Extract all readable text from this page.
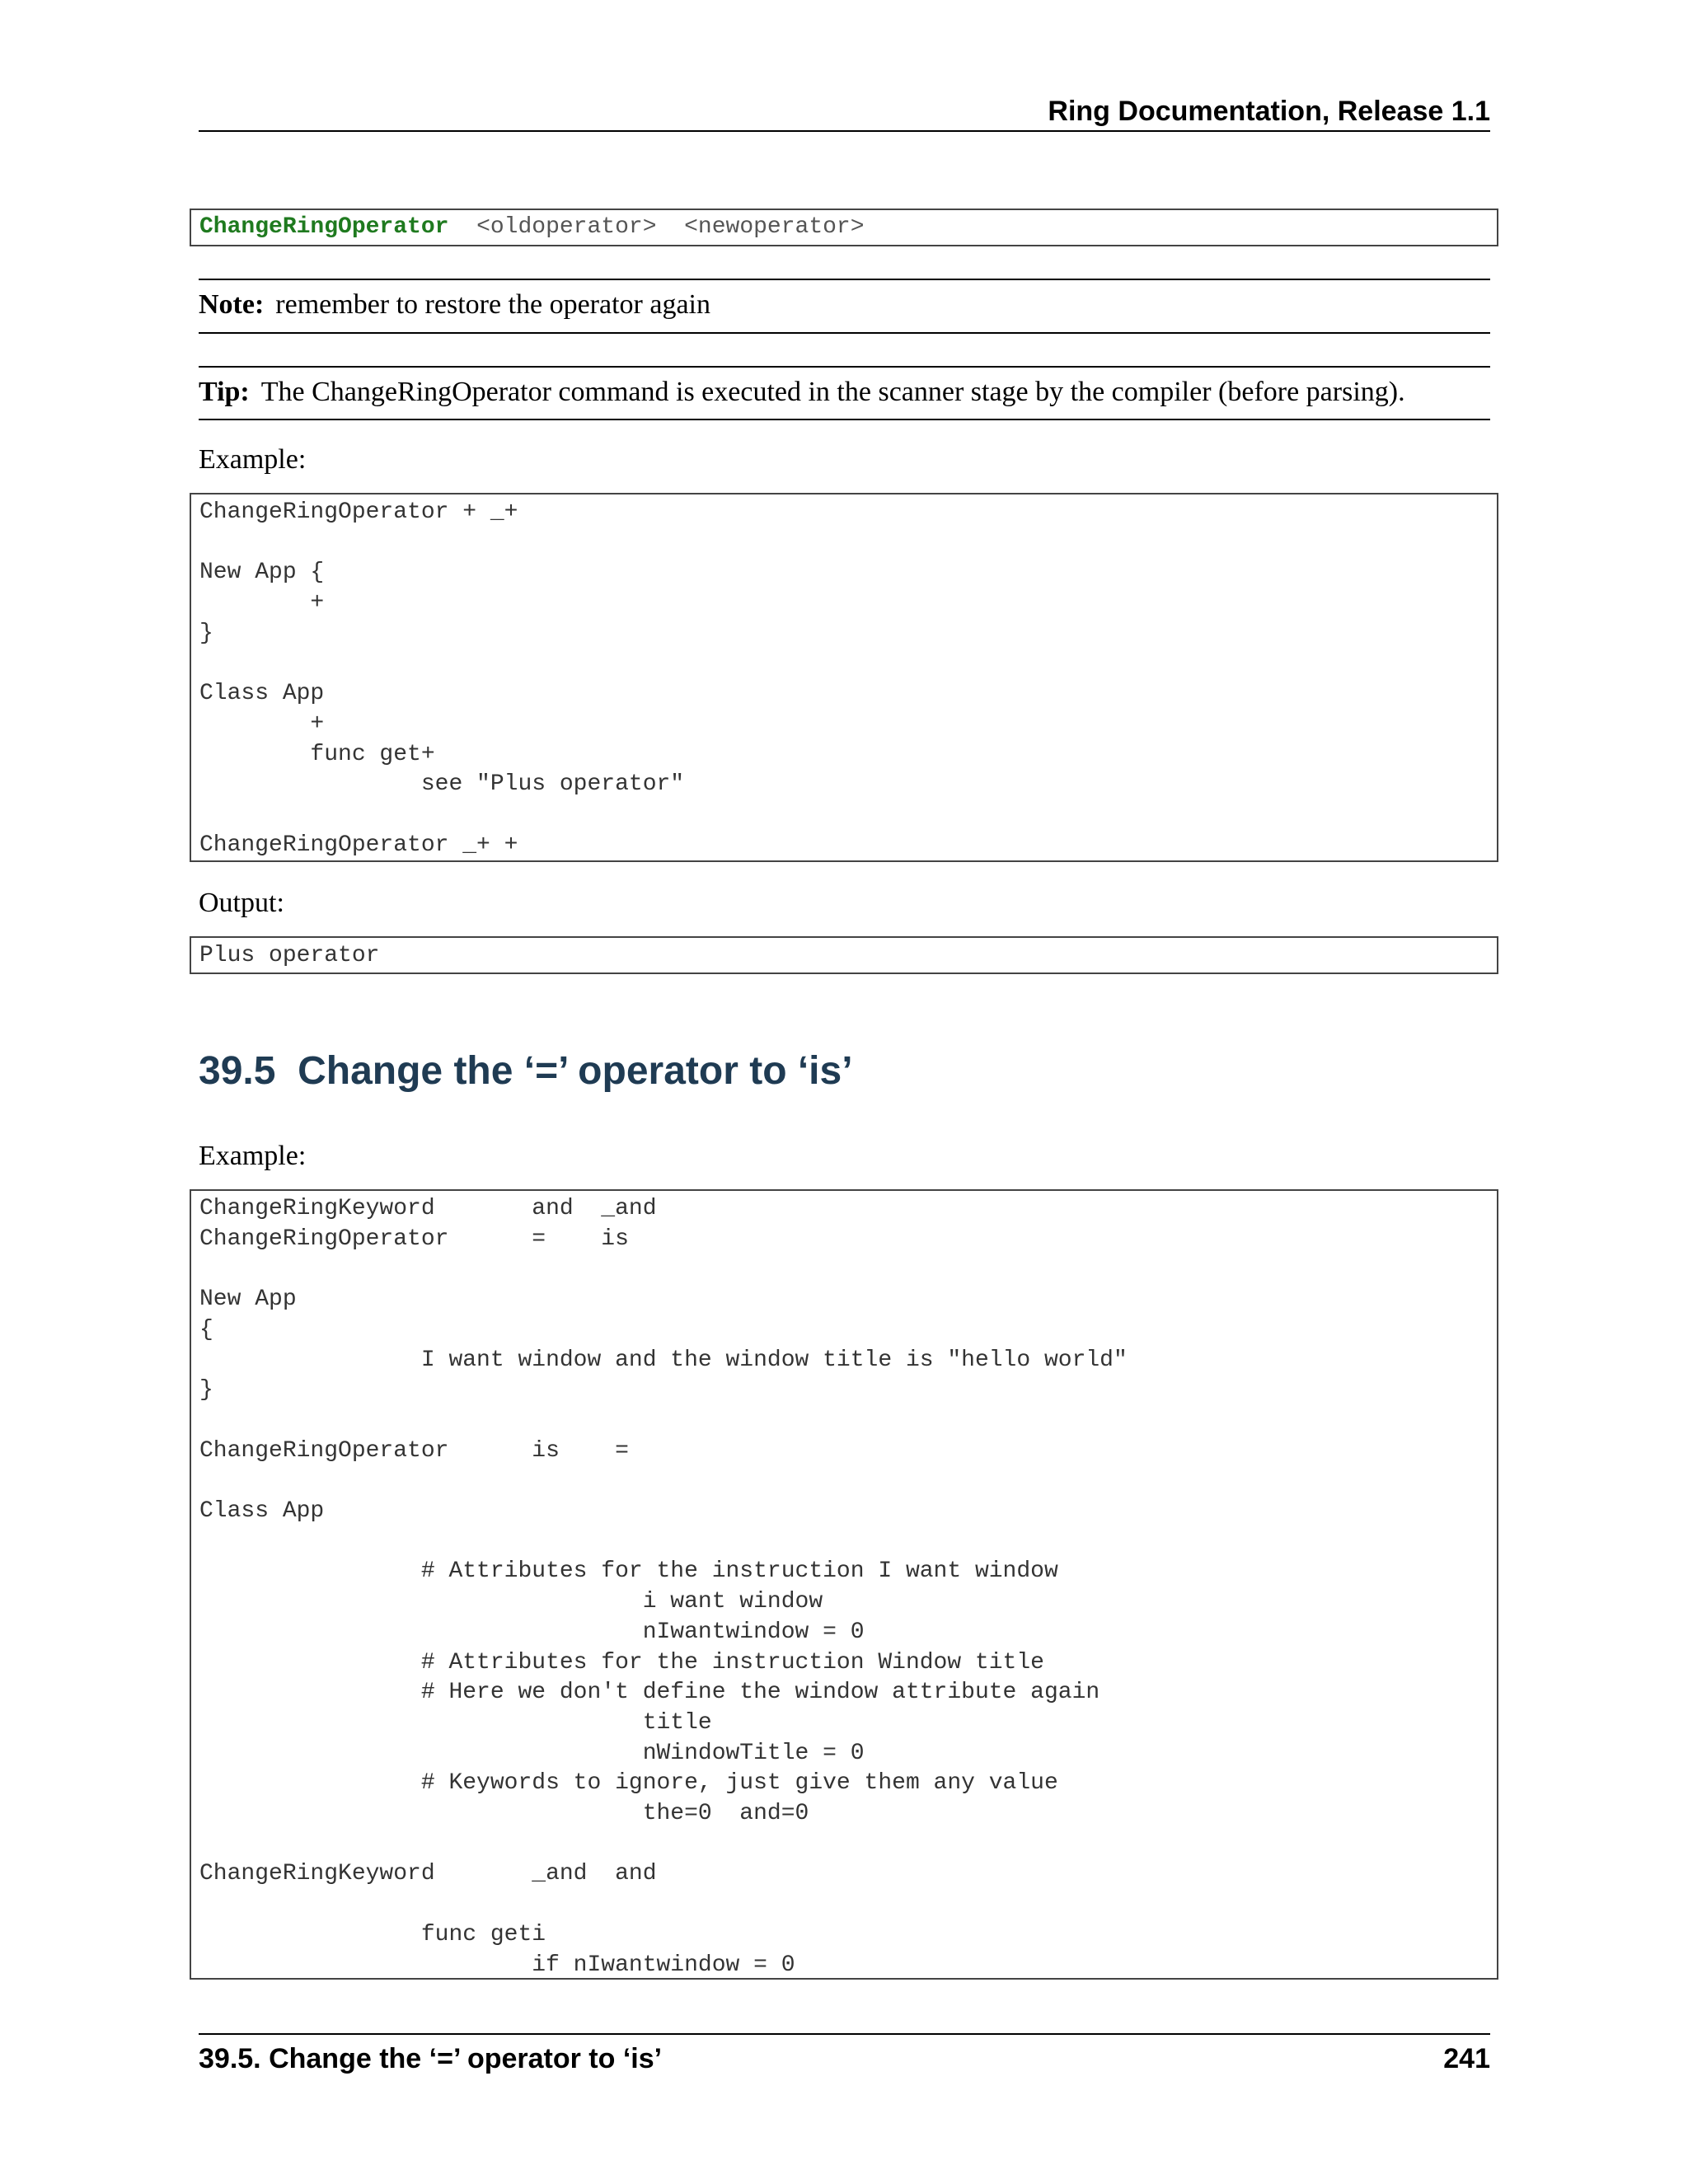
Ring Documentation, Release 1.1
ChangeRingOperator <oldoperator>  <newoperator>
Note: remember to restore the operator again
Tip: The ChangeRingOperator command is executed in the scanner stage by the compiler (before parsing).
Example:
ChangeRingOperator + _+

New App {
+
}

Class App
+
func get+
see "Plus operator"

ChangeRingOperator _+ +
Output:
Plus operator
39.5  Change the ‘=’ operator to ‘is’
Example:
ChangeRingKeyword       and  _and
ChangeRingOperator      =    is

New App
{
I want window and the window title is "hello world"
}

ChangeRingOperator      is    =

Class App

# Attributes for the instruction I want window
i want window
nIwantwindow = 0
# Attributes for the instruction Window title
# Here we don't define the window attribute again
title
nWindowTitle = 0
# Keywords to ignore, just give them any value
the=0  and=0

ChangeRingKeyword       _and  and

func geti
if nIwantwindow = 0
39.5. Change the ‘=’ operator to ‘is’	241
